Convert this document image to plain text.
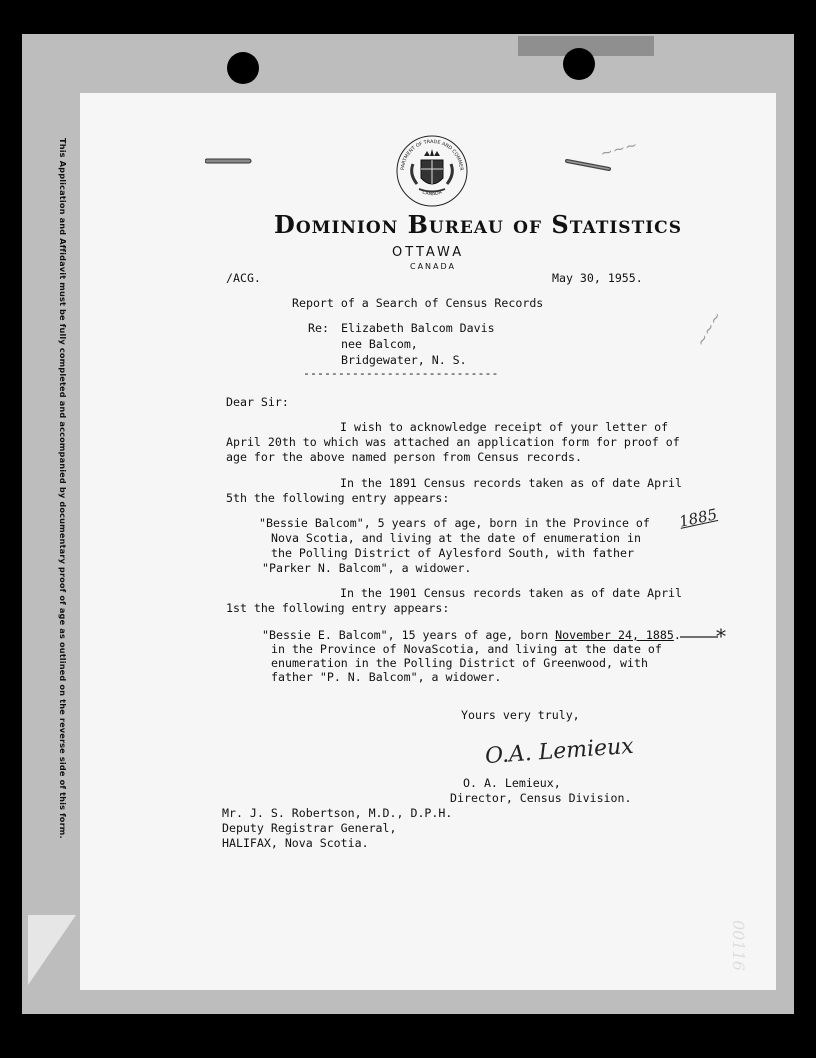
This Application and Affidavit must be fully completed and accompanied by documentary proof of age as outlined on the reverse side of this form.	~~~
~~~
PARTMENT OF TRADE AND COMMER
CANADA
Dominion Bureau of Statistics

OTTAWA

CANADA

/ACG.	May 30, 1955.

Report of a Search of Census Records

Re: Elizabeth Balcom Davis

nee Balcom,

Bridgewater, N. S.

----------------------------

Dear Sir:

I wish to acknowledge receipt of your letter of

April 20th to which was attached an application form for proof of

age for the above named person from Census records.

In the 1891 Census records taken as of date April

5th the following entry appears:

"Bessie Balcom", 5 years of age, born in the Province of

Nova Scotia, and living at the date of enumeration in

the Polling District of Aylesford South, with father

"Parker N. Balcom", a widower.

1885

In the 1901 Census records taken as of date April

1st the following entry appears:

"Bessie E. Balcom", 15 years of age, born November 24, 1885. *

in the Province of NovaScotia, and living at the date of

enumeration in the Polling District of Greenwood, with

father "P. N. Balcom", a widower.

Yours very truly,

O.A. Lemieux

O. A. Lemieux,

Director, Census Division.

Mr. J. S. Robertson, M.D., D.P.H.

Deputy Registrar General,

HALIFAX, Nova Scotia.

00116
